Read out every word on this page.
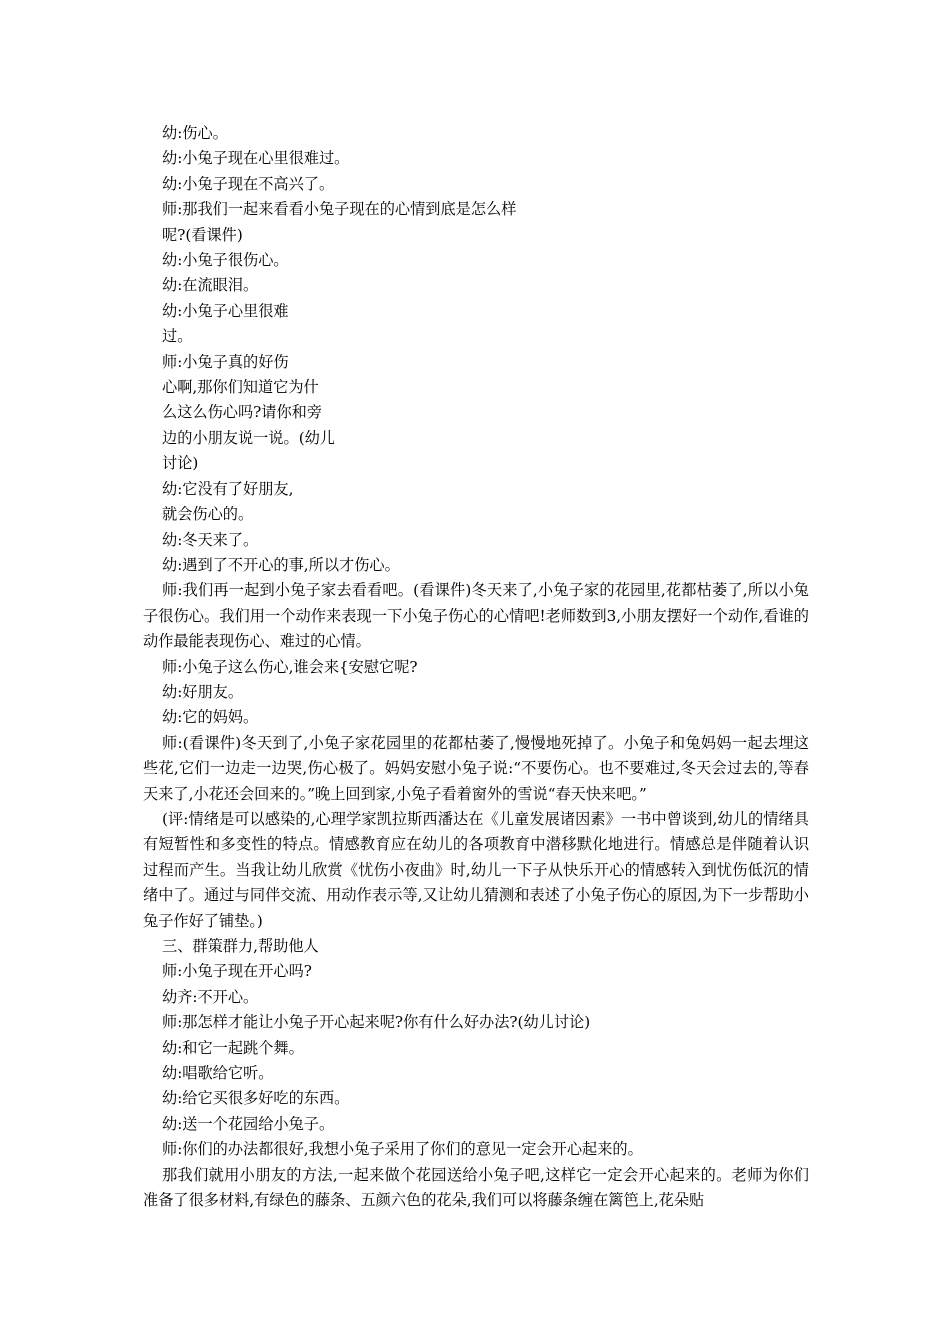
幼:伤心。

幼:小兔子现在心里很难过。

幼:小兔子现在不高兴了。

师:那我们一起来看看小兔子现在的心情到底是怎么样

呢?(看课件)

幼:小兔子很伤心。

幼:在流眼泪。

幼:小兔子心里很难

过。

师:小兔子真的好伤

心啊,那你们知道它为什

么这么伤心吗?请你和旁

边的小朋友说一说。(幼儿

讨论)

幼:它没有了好朋友,

就会伤心的。

幼:冬天来了。

幼:遇到了不开心的事,所以才伤心。

师:我们再一起到小兔子家去看看吧。(看课件)冬天来了,小兔子家的花园里,花都枯萎了,所以小兔子很伤心。我们用一个动作来表现一下小兔子伤心的心情吧!老师数到3,小朋友摆好一个动作,看谁的动作最能表现伤心、难过的心情。

师:小兔子这么伤心,谁会来{安慰它呢?

幼:好朋友。

幼:它的妈妈。

师:(看课件)冬天到了,小兔子家花园里的花都枯萎了,慢慢地死掉了。小兔子和兔妈妈一起去埋这些花,它们一边走一边哭,伤心极了。妈妈安慰小兔子说:“不要伤心。也不要难过,冬天会过去的,等春天来了,小花还会回来的。”晚上回到家,小兔子看着窗外的雪说“春天快来吧。”

(评:情绪是可以感染的,心理学家凯拉斯西潘达在《儿童发展诸因素》一书中曾谈到,幼儿的情绪具有短暂性和多变性的特点。情感教育应在幼儿的各项教育中潜移默化地进行。情感总是伴随着认识过程而产生。当我让幼儿欣赏《忧伤小夜曲》时,幼儿一下子从快乐开心的情感转入到忧伤低沉的情绪中了。通过与同伴交流、用动作表示等,又让幼儿猜测和表述了小兔子伤心的原因,为下一步帮助小兔子作好了铺垫。)

三、群策群力,帮助他人

师:小兔子现在开心吗?

幼齐:不开心。

师:那怎样才能让小兔子开心起来呢?你有什么好办法?(幼儿讨论)

幼:和它一起跳个舞。

幼:唱歌给它听。

幼:给它买很多好吃的东西。

幼:送一个花园给小兔子。

师:你们的办法都很好,我想小兔子采用了你们的意见一定会开心起来的。

那我们就用小朋友的方法,一起来做个花园送给小兔子吧,这样它一定会开心起来的。老师为你们准备了很多材料,有绿色的藤条、五颜六色的花朵,我们可以将藤条缠在篱笆上,花朵贴
